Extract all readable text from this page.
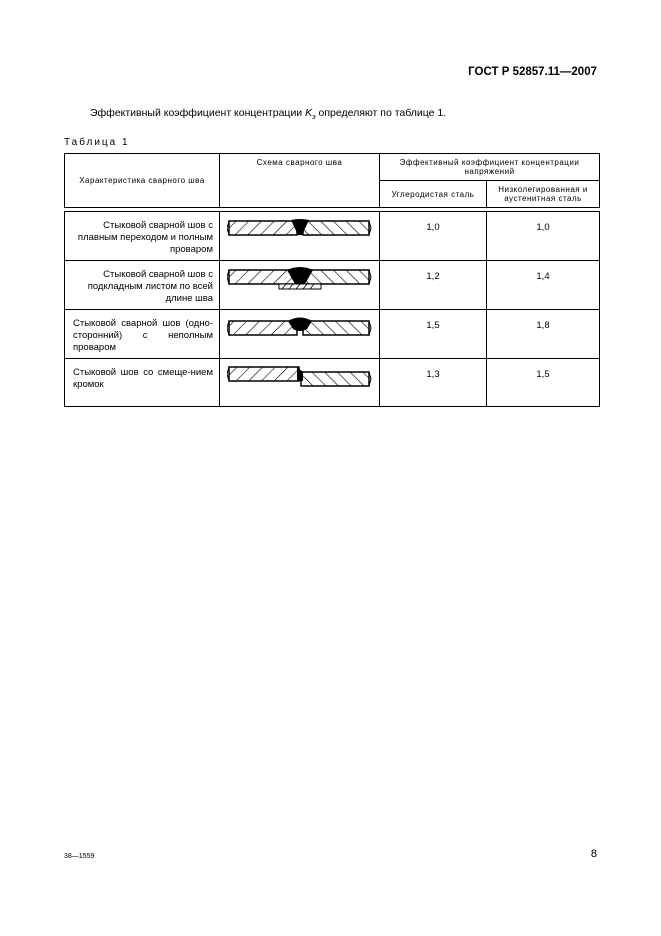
ГОСТ Р 52857.11—2007
Эффективный коэффициент концентрации $K_э$ определяют по таблице 1.
Таблица 1
Характеристика сварного шва	Схема сварного шва	Эффективный коэффициент концентрации напряжений	

		Углеродистая сталь	Низколегированная и аустенитная сталь

Стыковой сварной шов с плавным переходом и полным проваром		1,0	1,0
Стыковой сварной шов с подкладным листом по всей длине шва		1,2	1,4
Стыковой сварной шов (одно-сторонний) с неполным проваром		1,5	1,8
Стыковой шов со смеще-нием кромок		1,3	1,5
38—1559	8
